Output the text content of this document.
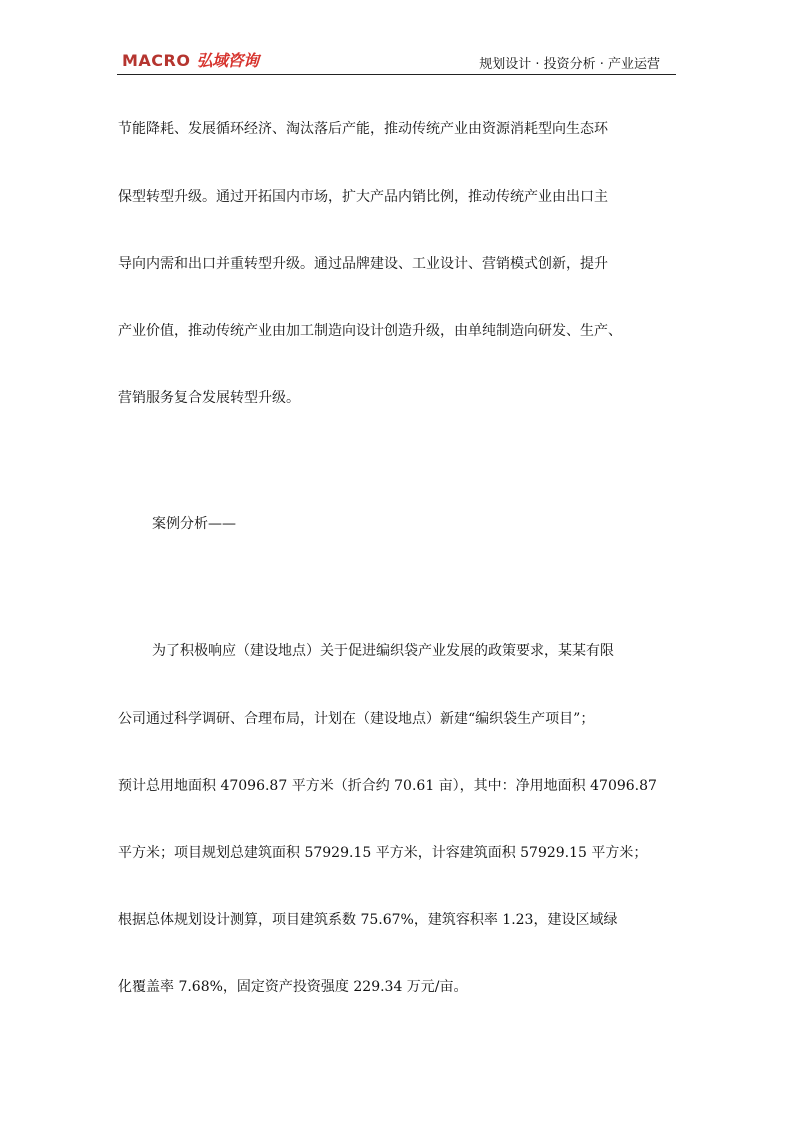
MACRO 弘域咨询	规划设计 · 投资分析 · 产业运营
节能降耗、发展循环经济、淘汰落后产能，推动传统产业由资源消耗型向生态环
保型转型升级。通过开拓国内市场，扩大产品内销比例，推动传统产业由出口主
导向内需和出口并重转型升级。通过品牌建设、工业设计、营销模式创新，提升
产业价值，推动传统产业由加工制造向设计创造升级，由单纯制造向研发、生产、
营销服务复合发展转型升级。
案例分析——
为了积极响应（建设地点）关于促进编织袋产业发展的政策要求，某某有限
公司通过科学调研、合理布局，计划在（建设地点）新建“编织袋生产项目”；
预计总用地面积 47096.87 平方米（折合约 70.61 亩），其中：净用地面积 47096.87
平方米；项目规划总建筑面积 57929.15 平方米，计容建筑面积 57929.15 平方米；
根据总体规划设计测算，项目建筑系数 75.67%，建筑容积率 1.23，建设区域绿
化覆盖率 7.68%，固定资产投资强度 229.34 万元/亩。
